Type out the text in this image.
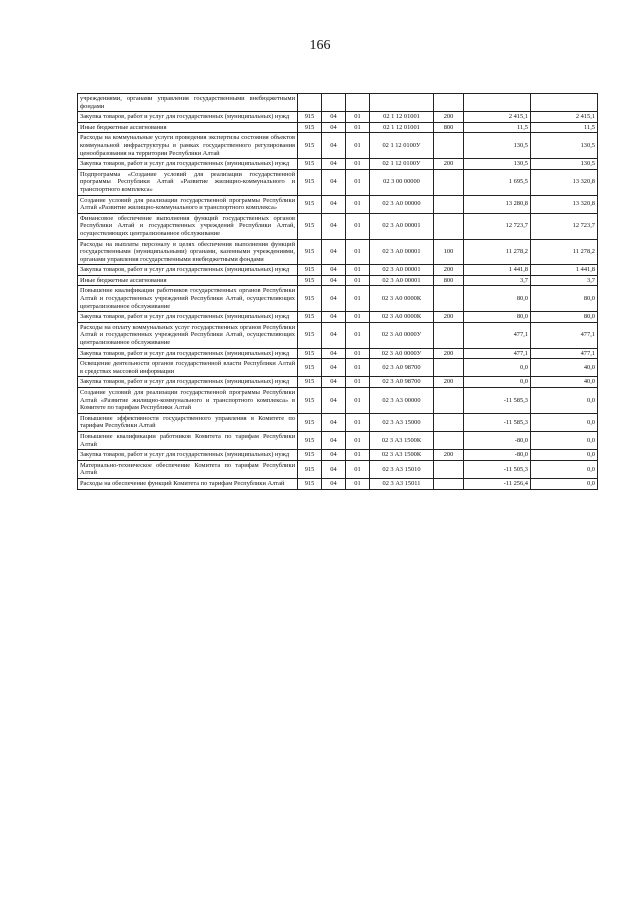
166
учреждениями, органами управления государственными внебюджетными фондами							
Закупка товаров, работ и услуг для государственных (муниципальных) нужд	915	04	01	02 1 12 01001	200	2 415,1	2 415,1
Иные бюджетные ассигнования	915	04	01	02 1 12 01001	800	11,5	11,5
Расходы на коммунальные услуги проведения экспертизы состояния объектов коммунальной инфраструктуры в рамках государственного регулирования ценообразования на территории Республики Алтай	915	04	01	02 1 12 0100У		130,5	130,5
Закупка товаров, работ и услуг для государственных (муниципальных) нужд	915	04	01	02 1 12 0100У	200	130,5	130,5
Подпрограмма «Создание условий для реализации государственной программы Республики Алтай «Развитие жилищно-коммунального и транспортного комплекса»	915	04	01	02 3 00 00000		1 695,5	13 320,8
Создание условий для реализации государственной программы Республики Алтай «Развитие жилищно-коммунального и транспортного комплекса»	915	04	01	02 3 А0 00000		13 280,8	13 320,8
Финансовое обеспечение выполнения функций государственных органов Республики Алтай и государственных учреждений Республики Алтай, осуществляющих централизованное обслуживание	915	04	01	02 3 А0 00001		12 723,7	12 723,7
Расходы на выплаты персоналу в целях обеспечения выполнения функций государственными (муниципальными) органами, казенными учреждениями, органами управления государственными внебюджетными фондами	915	04	01	02 3 А0 00001	100	11 278,2	11 278,2
Закупка товаров, работ и услуг для государственных (муниципальных) нужд	915	04	01	02 3 А0 00001	200	1 441,8	1 441,8
Иные бюджетные ассигнования	915	04	01	02 3 А0 00001	800	3,7	3,7
Повышение квалификации работников государственных органов Республики Алтай и государственных учреждений Республики Алтай, осуществляющих централизованное обслуживание	915	04	01	02 3 А0 0000К		80,0	80,0
Закупка товаров, работ и услуг для государственных (муниципальных) нужд	915	04	01	02 3 А0 0000К	200	80,0	80,0
Расходы на оплату коммунальных услуг государственных органов Республики Алтай и государственных учреждений Республики Алтай, осуществляющих централизованное обслуживание	915	04	01	02 3 А0 0000У		477,1	477,1
Закупка товаров, работ и услуг для государственных (муниципальных) нужд	915	04	01	02 3 А0 0000У	200	477,1	477,1
Освещение деятельности органов государственной власти Республики Алтай в средствах массовой информации	915	04	01	02 3 А0 98700		0,0	40,0
Закупка товаров, работ и услуг для государственных (муниципальных) нужд	915	04	01	02 3 А0 98700	200	0,0	40,0
Создание условий для реализации государственной программы Республики Алтай «Развитие жилищно-коммунального и транспортного комплекса» в Комитете по тарифам Республики Алтай	915	04	01	02 3 А3 00000		-11 585,3	0,0
Повышение эффективности государственного управления в Комитете по тарифам Республики Алтай	915	04	01	02 3 А3 15000		-11 585,3	0,0
Повышение квалификации работников Комитета по тарифам Республики Алтай	915	04	01	02 3 А3 1500К		-80,0	0,0
Закупка товаров, работ и услуг для государственных (муниципальных) нужд	915	04	01	02 3 А3 1500К	200	-80,0	0,0
Материально-техническое обеспечение Комитета по тарифам Республики Алтай	915	04	01	02 3 А3 15010		-11 505,3	0,0
Расходы на обеспечение функций Комитета по тарифам Республики Алтай	915	04	01	02 3 А3 15011		-11 256,4	0,0
